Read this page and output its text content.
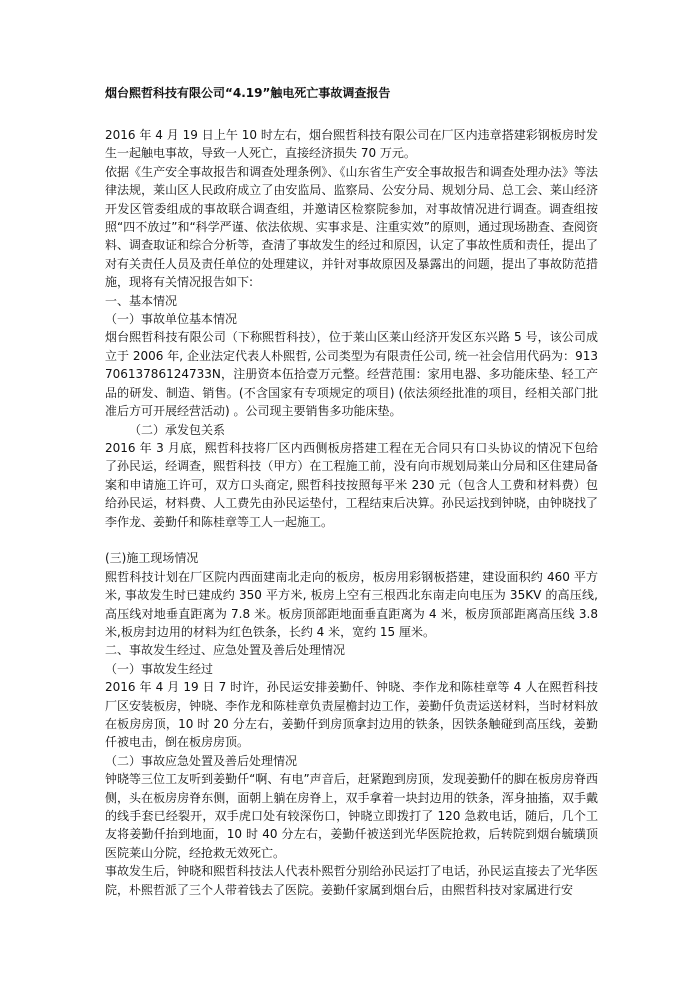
烟台熙哲科技有限公司“4.19”触电死亡事故调查报告

2016 年 4 月 19 日上午 10 时左右，烟台熙哲科技有限公司在厂区内违章搭建彩钢板房时发生一起触电事故，导致一人死亡，直接经济损失 70 万元。

依据《生产安全事故报告和调查处理条例》、《山东省生产安全事故报告和调查处理办法》等法律法规，莱山区人民政府成立了由安监局、监察局、公安分局、规划分局、总工会、莱山经济开发区管委组成的事故联合调查组，并邀请区检察院参加，对事故情况进行调查。调查组按照“四不放过”和“科学严谨、依法依规、实事求是、注重实效”的原则，通过现场勘查、查阅资料、调查取证和综合分析等，查清了事故发生的经过和原因，认定了事故性质和责任，提出了对有关责任人员及责任单位的处理建议，并针对事故原因及暴露出的问题，提出了事故防范措施，现将有关情况报告如下:

一、基本情况

（一）事故单位基本情况

烟台熙哲科技有限公司（下称熙哲科技），位于莱山区莱山经济开发区东兴路 5 号，该公司成立于 2006 年, 企业法定代表人朴熙哲, 公司类型为有限责任公司, 统一社会信用代码为：91370613786124733N，注册资本伍拾壹万元整。经营范围：家用电器、多功能床垫、轻工产品的研发、制造、销售。(不含国家有专项规定的项目) (依法须经批准的项目，经相关部门批准后方可开展经营活动) 。公司现主要销售多功能床垫。

（二）承发包关系

2016 年 3 月底，熙哲科技将厂区内西侧板房搭建工程在无合同只有口头协议的情况下包给了孙民运，经调查，熙哲科技（甲方）在工程施工前，没有向市规划局莱山分局和区住建局备案和申请施工许可，双方口头商定, 熙哲科技按照每平米 230 元（包含人工费和材料费）包给孙民运，材料费、人工费先由孙民运垫付，工程结束后决算。孙民运找到钟晓，由钟晓找了李作龙、姜勤仟和陈桂章等工人一起施工。

(三)施工现场情况

熙哲科技计划在厂区院内西面建南北走向的板房，板房用彩钢板搭建，建设面积约 460 平方米, 事故发生时已建成约 350 平方米, 板房上空有三根西北东南走向电压为 35KV 的高压线, 高压线对地垂直距离为 7.8 米。板房顶部距地面垂直距离为 4 米，板房顶部距离高压线 3.8 米,板房封边用的材料为红色铁条，长约 4 米，宽约 15 厘米。

二、事故发生经过、应急处置及善后处理情况

（一）事故发生经过

2016 年 4 月 19 日 7 时许，孙民运安排姜勤仟、钟晓、李作龙和陈桂章等 4 人在熙哲科技厂区安装板房，钟晓、李作龙和陈桂章负责屋檐封边工作，姜勤仟负责运送材料，当时材料放在板房房顶，10 时 20 分左右，姜勤仟到房顶拿封边用的铁条，因铁条触碰到高压线，姜勤仟被电击，倒在板房房顶。

（二）事故应急处置及善后处理情况

钟晓等三位工友听到姜勤仟“啊、有电”声音后，赶紧跑到房顶，发现姜勤仟的脚在板房房脊西侧，头在板房房脊东侧，面朝上躺在房脊上，双手拿着一块封边用的铁条，浑身抽搐，双手戴的线手套已经裂开，双手虎口处有较深伤口，钟晓立即拨打了 120 急救电话，随后，几个工友将姜勤仟抬到地面，10 时 40 分左右，姜勤仟被送到光华医院抢救，后转院到烟台毓璜顶医院莱山分院，经抢救无效死亡。

事故发生后，钟晓和熙哲科技法人代表朴熙哲分别给孙民运打了电话，孙民运直接去了光华医院，朴熙哲派了三个人带着钱去了医院。姜勤仟家属到烟台后，由熙哲科技对家属进行安
